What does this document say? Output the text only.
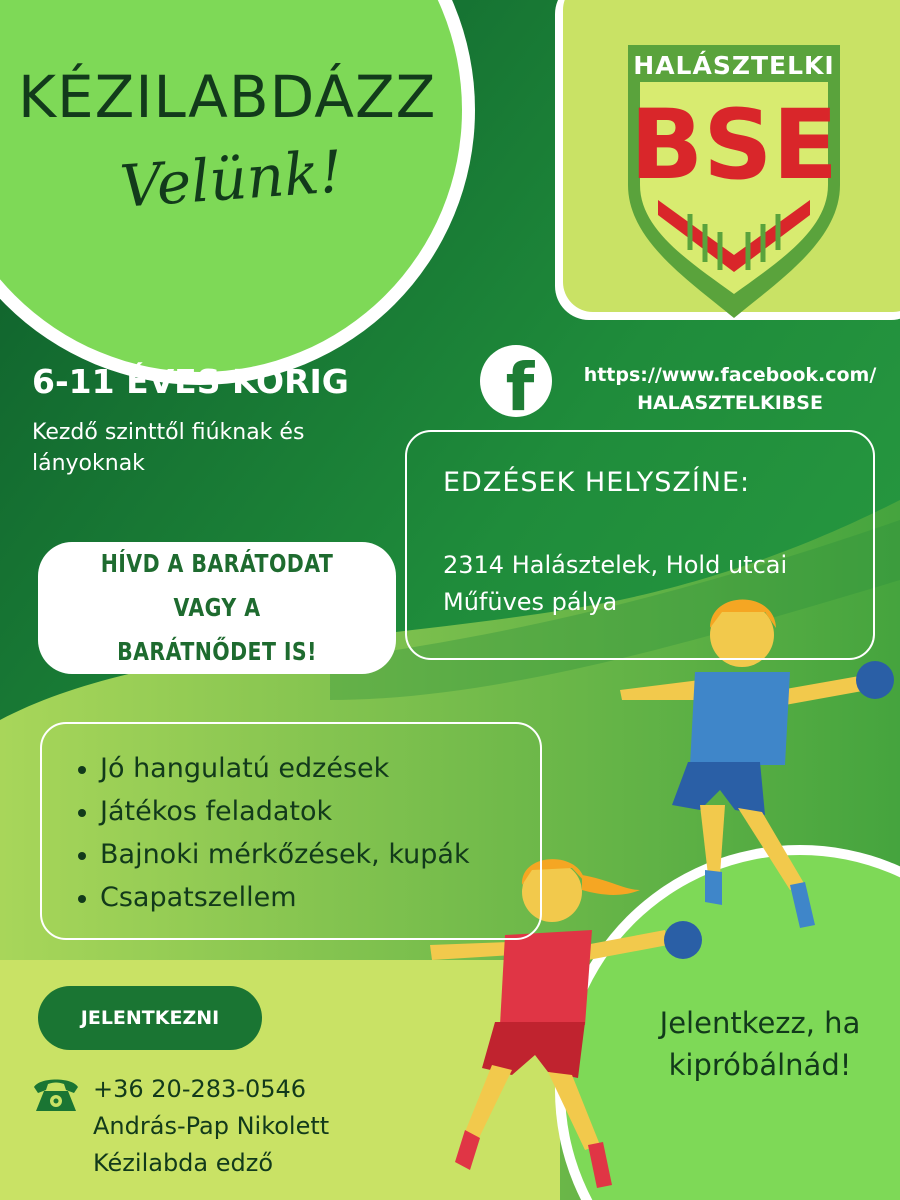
HALÁSZTELKI
BSE
KÉZILABDÁZZ
Velünk!
6-11 ÉVES KORIG
Kezdő szinttől fiúknak és lányoknak
HÍVD A BARÁTODAT VAGY A
BARÁTNŐDET IS!
f	https://www.facebook.com/
HALASZTELKIBSE
EDZÉSEK HELYSZÍNE:
2314 Halásztelek, Hold utcai
Műfüves pálya
Jó hangulatú edzések
Játékos feladatok
Bajnoki mérkőzések, kupák
Csapatszellem
JELENTKEZNI
+36 20-283-0546
András-Pap Nikolett
Kézilabda edző
Jelentkezz, ha
kipróbálnád!
